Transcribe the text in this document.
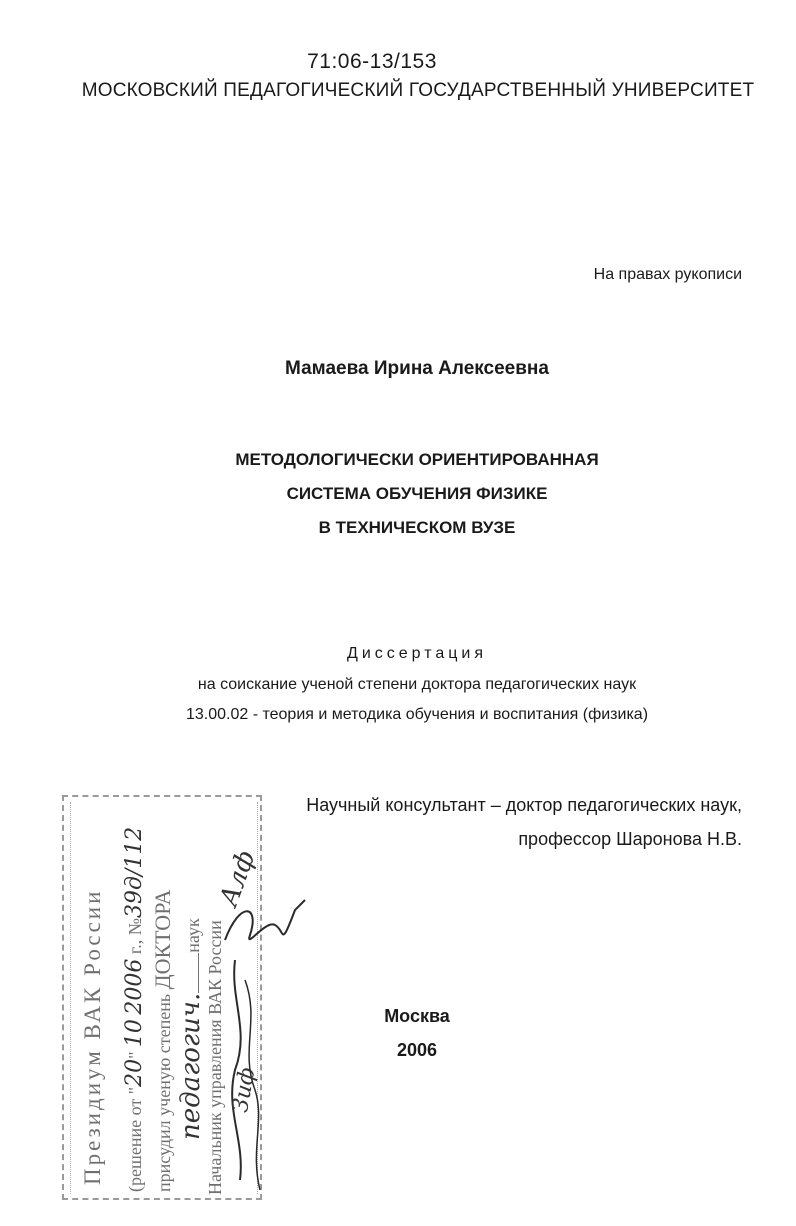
71:06-13/153
МОСКОВСКИЙ ПЕДАГОГИЧЕСКИЙ ГОСУДАРСТВЕННЫЙ УНИВЕРСИТЕТ
На правах рукописи
Мамаева Ирина Алексеевна
МЕТОДОЛОГИЧЕСКИ ОРИЕНТИРОВАННАЯ
СИСТЕМА ОБУЧЕНИЯ ФИЗИКЕ
В ТЕХНИЧЕСКОМ ВУЗЕ
Диссертация
на соискание ученой степени доктора педагогических наук
13.00.02 - теория и методика обучения и воспитания (физика)
Научный консультант – доктор педагогических наук,
профессор Шаронова Н.В.
Москва
2006
Президиум ВАК России (решение от "20" 10 2006 г., №39д/112
присудил ученую степень ДОКТОРА
педагогич.наук Начальник управления ВАК России
Алф
Зиф
